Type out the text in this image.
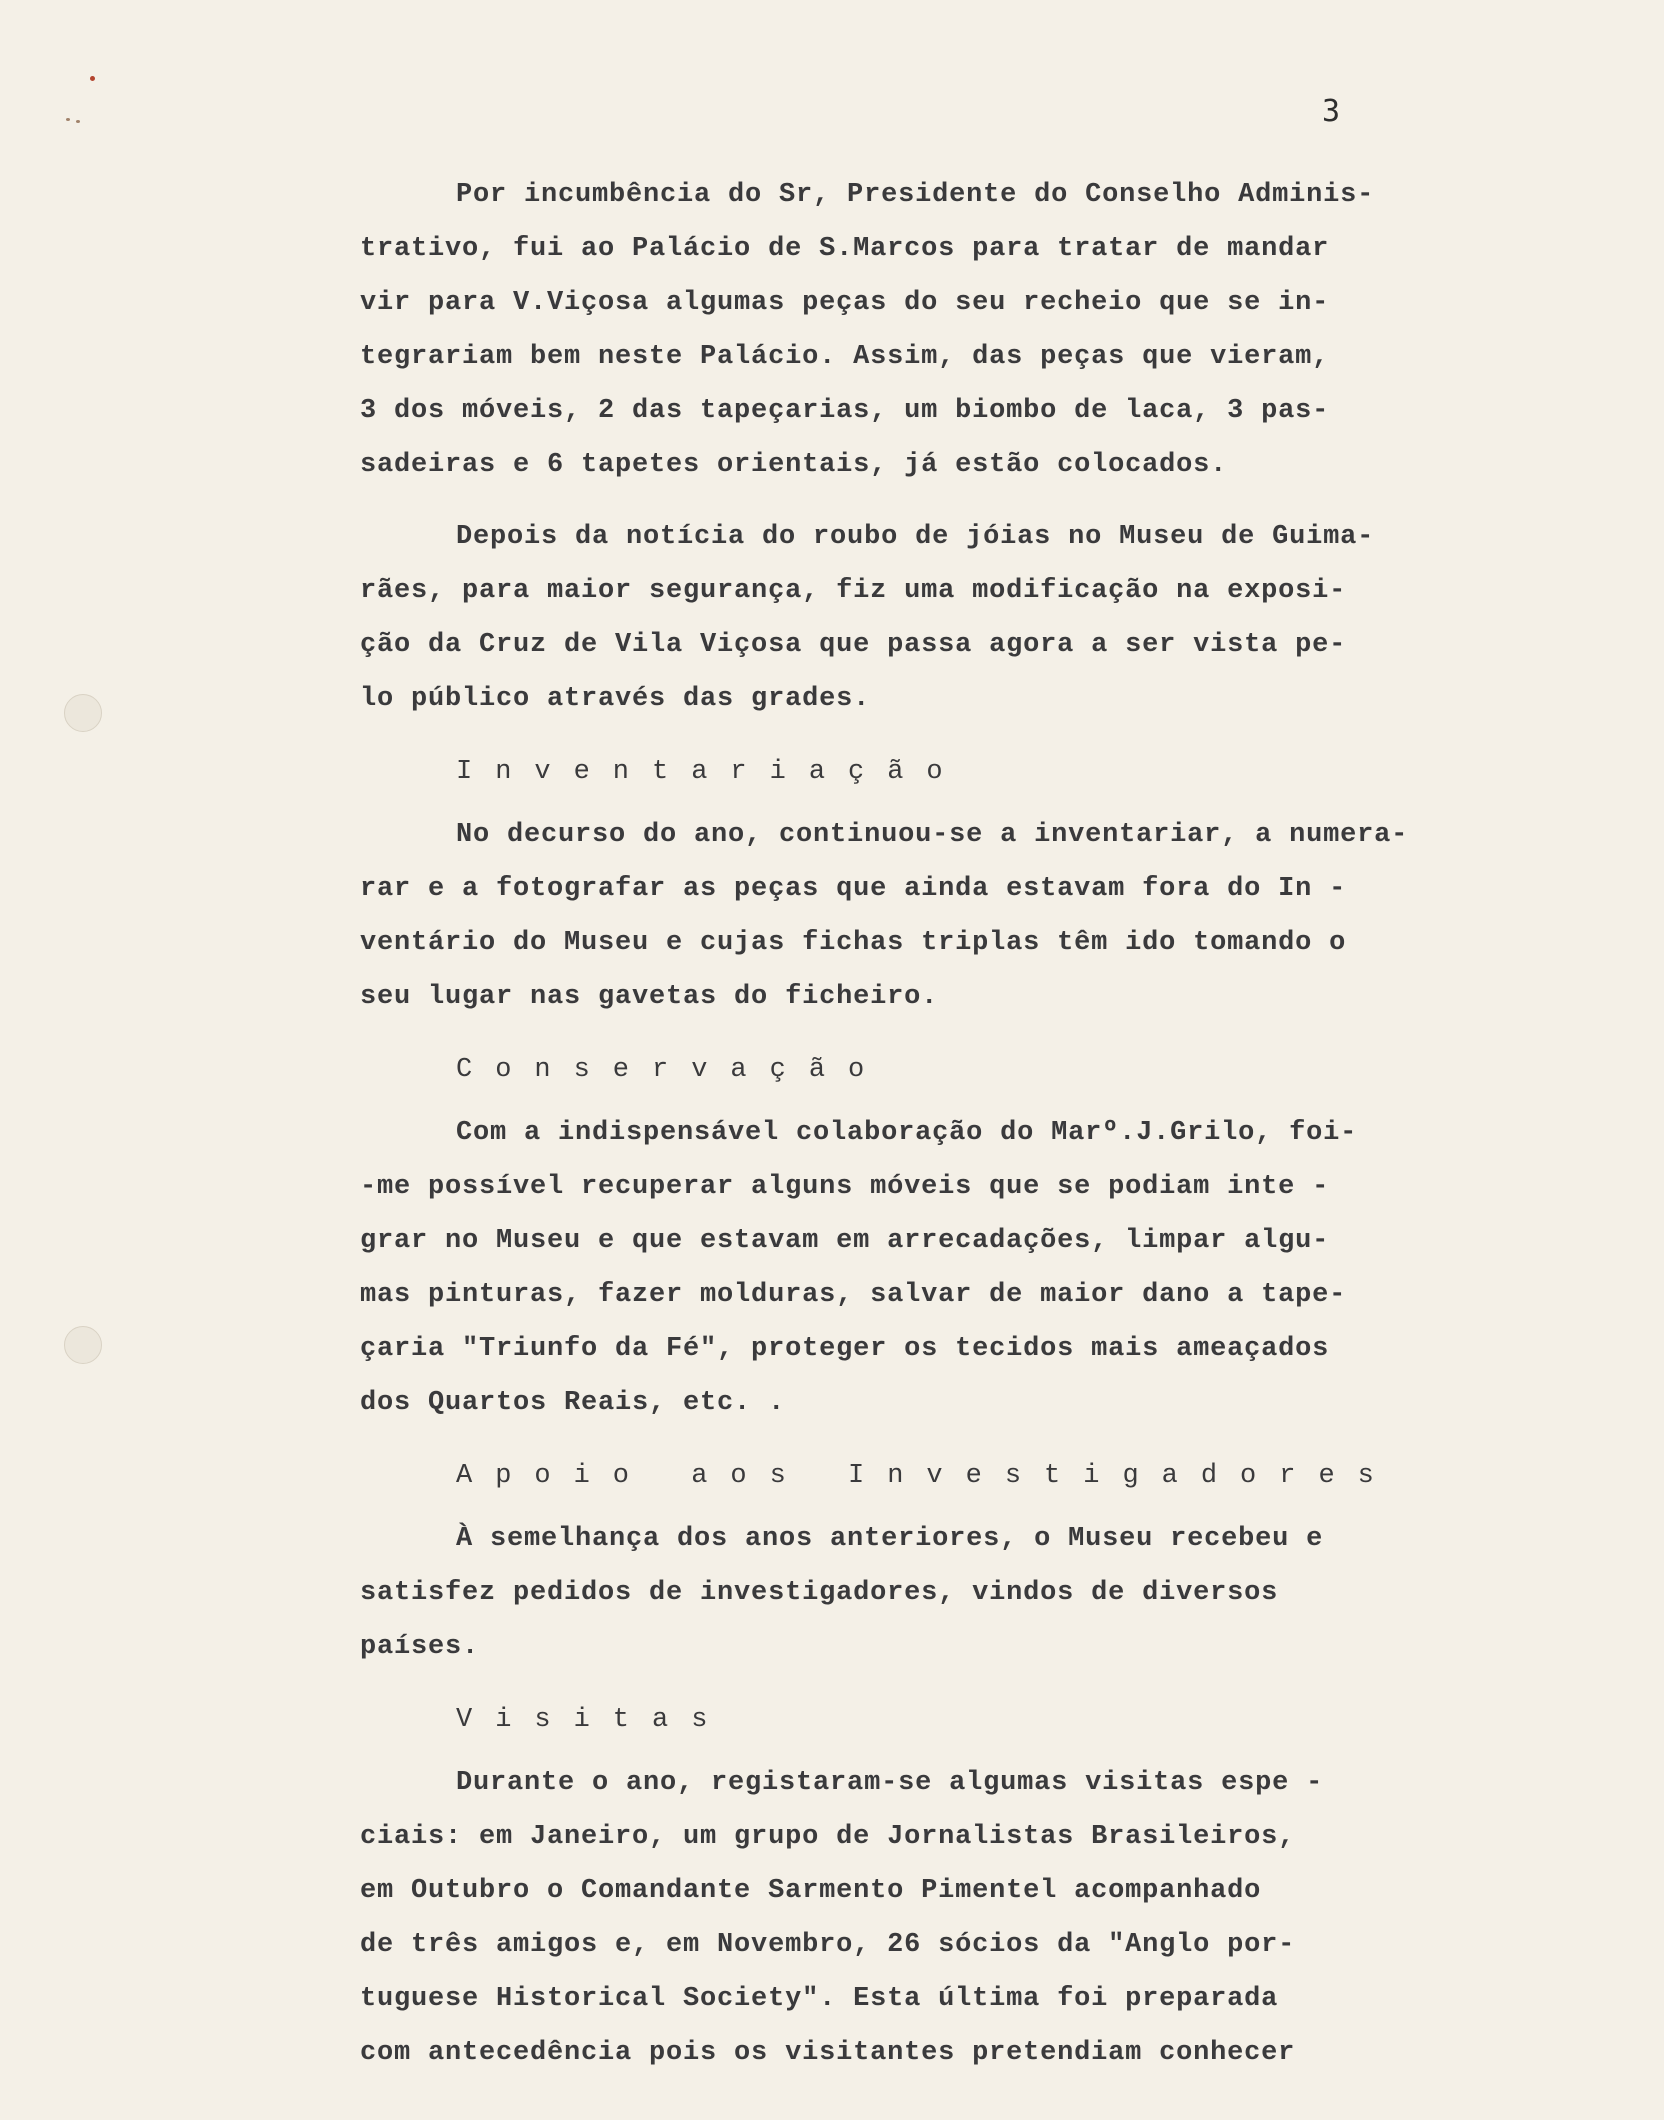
3
Por incumbência do Sr, Presidente do Conselho Adminis-
trativo, fui ao Palácio de S.Marcos para tratar de mandar
vir para V.Viçosa algumas peças do seu recheio que se in-
tegrariam bem neste Palácio. Assim, das peças que vieram,
3 dos móveis, 2 das tapeçarias, um biombo de laca, 3 pas-
sadeiras e 6 tapetes orientais, já estão colocados.
Depois da notícia do roubo de jóias no Museu de Guima-
rães, para maior segurança, fiz uma modificação na exposi-
ção da Cruz de Vila Viçosa que passa agora a ser vista pe-
lo público através das grades.
Inventariação
No decurso do ano, continuou-se a inventariar, a numera-
rar e a fotografar as peças que ainda estavam fora do In -
ventário do Museu e cujas fichas triplas têm ido tomando o
seu lugar nas gavetas do ficheiro.
Conservação
Com a indispensável colaboração do Marº.J.Grilo, foi-
-me possível recuperar alguns móveis que se podiam inte -
grar no Museu e que estavam em arrecadações, limpar algu-
mas pinturas, fazer molduras, salvar de maior dano a tape-
çaria "Triunfo da Fé", proteger os tecidos mais ameaçados
dos Quartos Reais, etc. .
Apoio aos Investigadores
À semelhança dos anos anteriores, o Museu recebeu e
satisfez pedidos de investigadores, vindos de diversos
países.
Visitas
Durante o ano, registaram-se algumas visitas espe -
ciais: em Janeiro, um grupo de Jornalistas Brasileiros,
em Outubro o Comandante Sarmento Pimentel acompanhado
de três amigos e, em Novembro, 26 sócios da "Anglo por-
tuguese Historical Society". Esta última foi preparada
com antecedência pois os visitantes pretendiam conhecer
